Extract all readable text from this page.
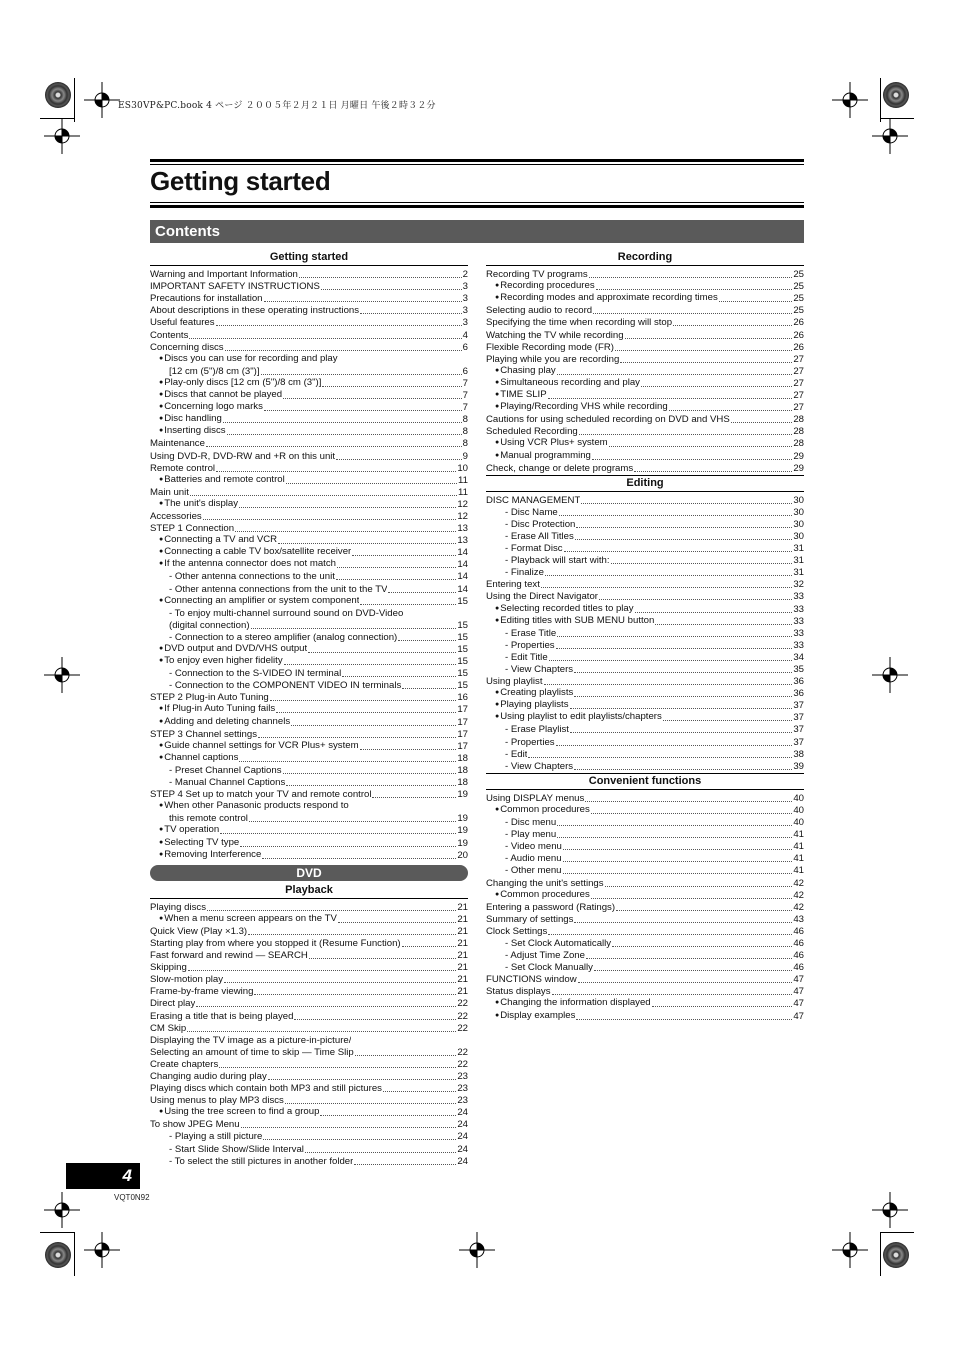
ES30VP&PC.book 4 ページ ２００５年２月２１日 月曜日 午後２時３２分
Getting started
Contents
Getting started
Warning and Important Information	2
IMPORTANT SAFETY INSTRUCTIONS	3
Precautions for installation	3
About descriptions in these operating instructions	3
Useful features	3
Contents	4
Concerning discs	6
● Discs you can use for recording and play
[12 cm (5")/8 cm (3")]	6
● Play-only discs [12 cm (5")/8 cm (3")]	7
● Discs that cannot be played	7
● Concerning logo marks	7
● Disc handling	8
● Inserting discs	8
Maintenance	8
Using DVD-R, DVD-RW and +R on this unit	9
Remote control	10
● Batteries and remote control	11
Main unit	11
● The unit's display	12
Accessories	12
STEP 1 Connection	13
● Connecting a TV and VCR	13
● Connecting a cable TV box/satellite receiver	14
● If the antenna connector does not match	14
- Other antenna connections to the unit	14
- Other antenna connections from the unit to the TV	14
● Connecting an amplifier or system component	15
- To enjoy multi-channel surround sound on DVD-Video
(digital connection)	15
- Connection to a stereo amplifier (analog connection)	15
● DVD output and DVD/VHS output	15
● To enjoy even higher fidelity	15
- Connection to the S-VIDEO IN terminal	15
- Connection to the COMPONENT VIDEO IN terminals	15
STEP 2 Plug-in Auto Tuning	16
● If Plug-in Auto Tuning fails	17
● Adding and deleting channels	17
STEP 3 Channel settings	17
● Guide channel settings for VCR Plus+ system	17
● Channel captions	18
- Preset Channel Captions	18
- Manual Channel Captions	18
STEP 4 Set up to match your TV and remote control	19
● When other Panasonic products respond to
this remote control	19
● TV operation	19
● Selecting TV type	19
● Removing Interference	20
DVD
Playback
Playing discs	21
● When a menu screen appears on the TV	21
Quick View (Play ×1.3)	21
Starting play from where you stopped it (Resume Function)	21
Fast forward and rewind — SEARCH	21
Skipping	21
Slow-motion play	21
Frame-by-frame viewing	21
Direct play	22
Erasing a title that is being played	22
CM Skip	22
Displaying the TV image as a picture-in-picture/
Selecting an amount of time to skip — Time Slip	22
Create chapters	22
Changing audio during play	23
Playing discs which contain both MP3 and still pictures	23
Using menus to play MP3 discs	23
● Using the tree screen to find a group	24
To show JPEG Menu	24
- Playing a still picture	24
- Start Slide Show/Slide Interval	24
- To select the still pictures in another folder	24
Recording
Recording TV programs	25
● Recording procedures	25
● Recording modes and approximate recording times	25
Selecting audio to record	25
Specifying the time when recording will stop	26
Watching the TV while recording	26
Flexible Recording mode (FR)	26
Playing while you are recording	27
● Chasing play	27
● Simultaneous recording and play	27
● TIME SLIP	27
● Playing/Recording VHS while recording	27
Cautions for using scheduled recording on DVD and VHS	28
Scheduled Recording	28
● Using VCR Plus+ system	28
● Manual programming	29
Check, change or delete programs	29
Editing
DISC MANAGEMENT	30
- Disc Name	30
- Disc Protection	30
- Erase All Titles	30
- Format Disc	31
- Playback will start with:	31
- Finalize	31
Entering text	32
Using the Direct Navigator	33
● Selecting recorded titles to play	33
● Editing titles with SUB MENU button	33
- Erase Title	33
- Properties	33
- Edit Title	34
- View Chapters	35
Using playlist	36
● Creating playlists	36
● Playing playlists	37
● Using playlist to edit playlists/chapters	37
- Erase Playlist	37
- Properties	37
- Edit	38
- View Chapters	39
Convenient functions
Using DISPLAY menus	40
● Common procedures	40
- Disc menu	40
- Play menu	41
- Video menu	41
- Audio menu	41
- Other menu	41
Changing the unit's settings	42
● Common procedures	42
Entering a password (Ratings)	42
Summary of settings	43
Clock Settings	46
- Set Clock Automatically	46
- Adjust Time Zone	46
- Set Clock Manually	46
FUNCTIONS window	47
Status displays	47
● Changing the information displayed	47
● Display examples	47
4
VQT0N92
